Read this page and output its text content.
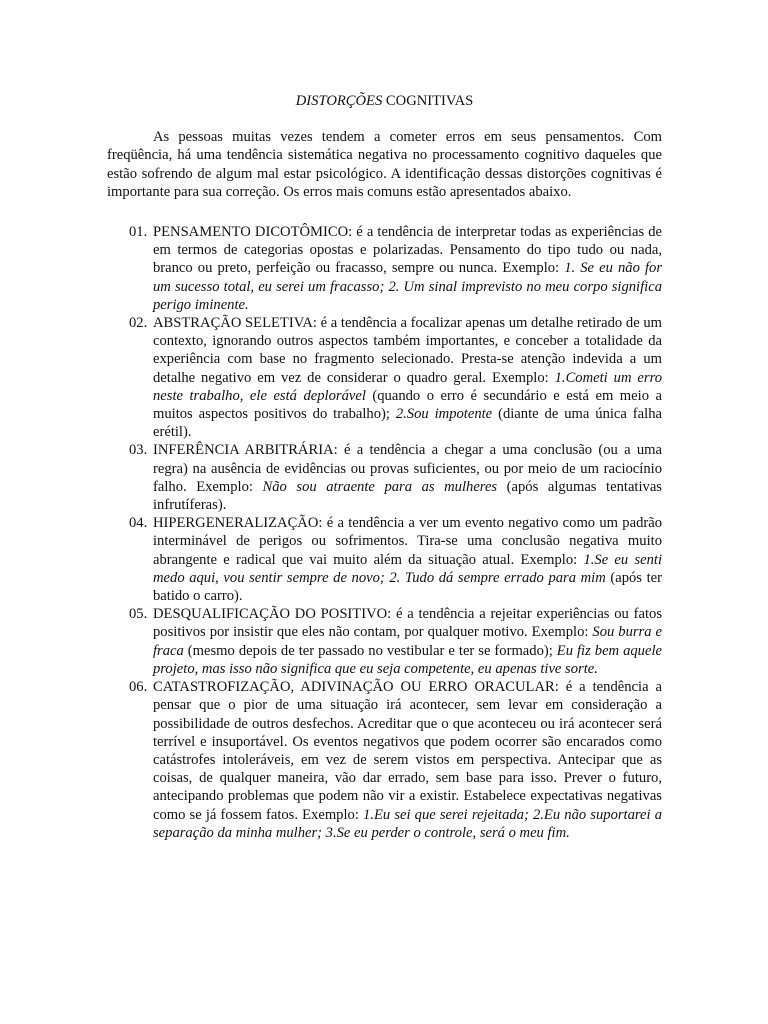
DISTORÇÕES COGNITIVAS

As pessoas muitas vezes tendem a cometer erros em seus pensamentos. Com freqüência, há uma tendência sistemática negativa no processamento cognitivo daqueles que estão sofrendo de algum mal estar psicológico. A identificação dessas distorções cognitivas é importante para sua correção. Os erros mais comuns estão apresentados abaixo.

01. PENSAMENTO DICOTÔMICO: é a tendência de interpretar todas as experiências de em termos de categorias opostas e polarizadas. Pensamento do tipo tudo ou nada, branco ou preto, perfeição ou fracasso, sempre ou nunca. Exemplo: 1. Se eu não for um sucesso total, eu serei um fracasso; 2. Um sinal imprevisto no meu corpo significa perigo iminente.
02. ABSTRAÇÃO SELETIVA: é a tendência a focalizar apenas um detalhe retirado de um contexto, ignorando outros aspectos também importantes, e conceber a totalidade da experiência com base no fragmento selecionado. Presta-se atenção indevida a um detalhe negativo em vez de considerar o quadro geral. Exemplo: 1.Cometi um erro neste trabalho, ele está deplorável (quando o erro é secundário e está em meio a muitos aspectos positivos do trabalho); 2.Sou impotente (diante de uma única falha erétil).
03. INFERÊNCIA ARBITRÁRIA: é a tendência a chegar a uma conclusão (ou a uma regra) na ausência de evidências ou provas suficientes, ou por meio de um raciocínio falho. Exemplo: Não sou atraente para as mulheres (após algumas tentativas infrutíferas).
04. HIPERGENERALIZAÇÃO: é a tendência a ver um evento negativo como um padrão interminável de perigos ou sofrimentos. Tira-se uma conclusão negativa muito abrangente e radical que vai muito além da situação atual. Exemplo: 1.Se eu senti medo aqui, vou sentir sempre de novo; 2. Tudo dá sempre errado para mim (após ter batido o carro).
05. DESQUALIFICAÇÃO DO POSITIVO: é a tendência a rejeitar experiências ou fatos positivos por insistir que eles não contam, por qualquer motivo. Exemplo: Sou burra e fraca (mesmo depois de ter passado no vestibular e ter se formado); Eu fiz bem aquele projeto, mas isso não significa que eu seja competente, eu apenas tive sorte.
06. CATASTROFIZAÇÃO, ADIVINAÇÃO OU ERRO ORACULAR: é a tendência a pensar que o pior de uma situação irá acontecer, sem levar em consideração a possibilidade de outros desfechos. Acreditar que o que aconteceu ou irá acontecer será terrível e insuportável. Os eventos negativos que podem ocorrer são encarados como catástrofes intoleráveis, em vez de serem vistos em perspectiva. Antecipar que as coisas, de qualquer maneira, vão dar errado, sem base para isso. Prever o futuro, antecipando problemas que podem não vir a existir. Estabelece expectativas negativas como se já fossem fatos. Exemplo: 1.Eu sei que serei rejeitada; 2.Eu não suportarei a separação da minha mulher; 3.Se eu perder o controle, será o meu fim.
